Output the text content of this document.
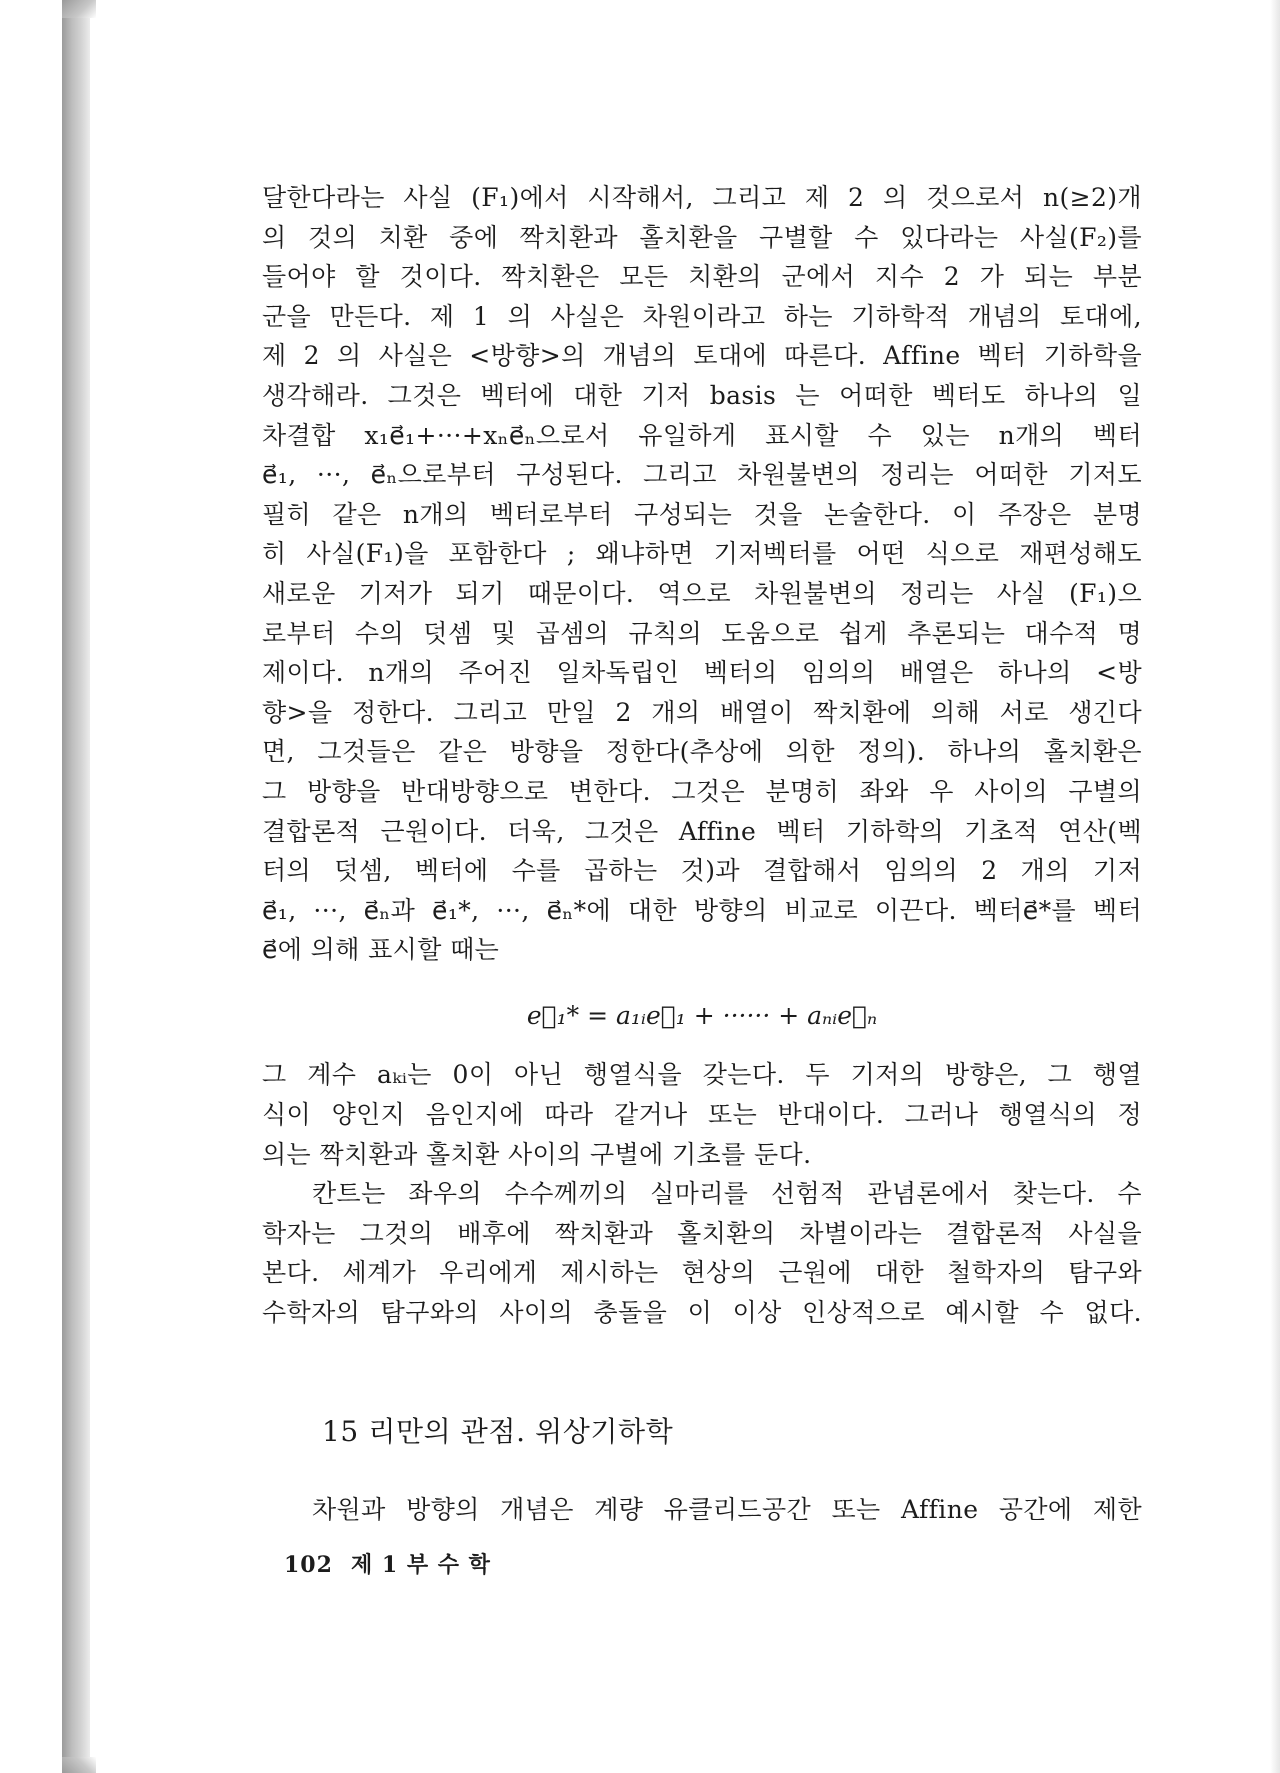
달한다라는 사실 (F₁)에서 시작해서, 그리고 제 2 의 것으로서 n(≥2)개
의 것의 치환 중에 짝치환과 홀치환을 구별할 수 있다라는 사실(F₂)를
들어야 할 것이다. 짝치환은 모든 치환의 군에서 지수 2 가 되는 부분
군을 만든다. 제 1 의 사실은 차원이라고 하는 기하학적 개념의 토대에,
제 2 의 사실은 <방향>의 개념의 토대에 따른다. Affine 벡터 기하학을
생각해라. 그것은 벡터에 대한 기저 basis 는 어떠한 벡터도 하나의 일
차결합 x₁e⃗₁+···+xₙe⃗ₙ으로서 유일하게 표시할 수 있는 n개의 벡터
e⃗₁, ···, e⃗ₙ으로부터 구성된다. 그리고 차원불변의 정리는 어떠한 기저도
필히 같은 n개의 벡터로부터 구성되는 것을 논술한다. 이 주장은 분명
히 사실(F₁)을 포함한다 ; 왜냐하면 기저벡터를 어떤 식으로 재편성해도
새로운 기저가 되기 때문이다. 역으로 차원불변의 정리는 사실 (F₁)으
로부터 수의 덧셈 및 곱셈의 규칙의 도움으로 쉽게 추론되는 대수적 명
제이다. n개의 주어진 일차독립인 벡터의 임의의 배열은 하나의 <방
향>을 정한다. 그리고 만일 2 개의 배열이 짝치환에 의해 서로 생긴다
면, 그것들은 같은 방향을 정한다(추상에 의한 정의). 하나의 홀치환은
그 방향을 반대방향으로 변한다. 그것은 분명히 좌와 우 사이의 구별의
결합론적 근원이다. 더욱, 그것은 Affine 벡터 기하학의 기초적 연산(벡
터의 덧셈, 벡터에 수를 곱하는 것)과 결합해서 임의의 2 개의 기저
e⃗₁, ···, e⃗ₙ과 e⃗₁*, ···, e⃗ₙ*에 대한 방향의 비교로 이끈다. 벡터e⃗*를 벡터
e⃗에 의해 표시할 때는
e⃗₁* = a₁ᵢe⃗₁ + ······ + aₙᵢe⃗ₙ
그 계수 aₖᵢ는 0이 아닌 행열식을 갖는다. 두 기저의 방향은, 그 행열
식이 양인지 음인지에 따라 같거나 또는 반대이다. 그러나 행열식의 정
의는 짝치환과 홀치환 사이의 구별에 기초를 둔다.
칸트는 좌우의 수수께끼의 실마리를 선험적 관념론에서 찾는다. 수
학자는 그것의 배후에 짝치환과 홀치환의 차별이라는 결합론적 사실을
본다. 세계가 우리에게 제시하는 현상의 근원에 대한 철학자의 탐구와
수학자의 탐구와의 사이의 충돌을 이 이상 인상적으로 예시할 수 없다.
15 리만의 관점. 위상기하학
차원과 방향의 개념은 계량 유클리드공간 또는 Affine 공간에 제한
102 제 1 부 수 학
